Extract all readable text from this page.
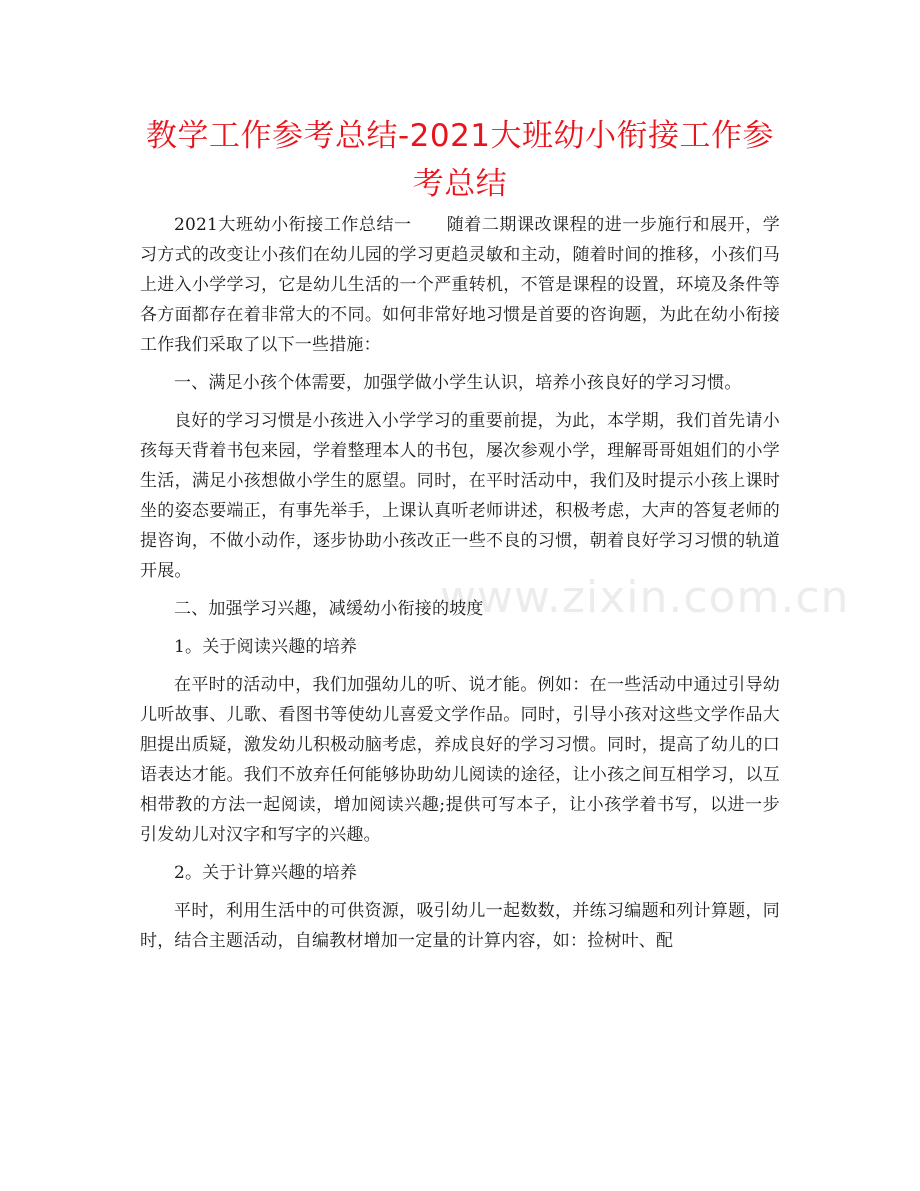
教学工作参考总结-2021大班幼小衔接工作参考总结
www.zixin.com.cn

2021大班幼小衔接工作总结一　　随着二期课改课程的进一步施行和展开，学习方式的改变让小孩们在幼儿园的学习更趋灵敏和主动，随着时间的推移，小孩们马上进入小学学习，它是幼儿生活的一个严重转机，不管是课程的设置，环境及条件等各方面都存在着非常大的不同。如何非常好地习惯是首要的咨询题，为此在幼小衔接工作我们采取了以下一些措施：

一、满足小孩个体需要，加强学做小学生认识，培养小孩良好的学习习惯。

良好的学习习惯是小孩进入小学学习的重要前提，为此，本学期，我们首先请小孩每天背着书包来园，学着整理本人的书包，屡次参观小学，理解哥哥姐姐们的小学生活，满足小孩想做小学生的愿望。同时，在平时活动中，我们及时提示小孩上课时坐的姿态要端正，有事先举手，上课认真听老师讲述，积极考虑，大声的答复老师的提咨询，不做小动作，逐步协助小孩改正一些不良的习惯，朝着良好学习习惯的轨道开展。

二、加强学习兴趣，减缓幼小衔接的坡度

1。关于阅读兴趣的培养

在平时的活动中，我们加强幼儿的听、说才能。例如：在一些活动中通过引导幼儿听故事、儿歌、看图书等使幼儿喜爱文学作品。同时，引导小孩对这些文学作品大胆提出质疑，激发幼儿积极动脑考虑，养成良好的学习习惯。同时，提高了幼儿的口语表达才能。我们不放弃任何能够协助幼儿阅读的途径，让小孩之间互相学习，以互相带教的方法一起阅读，增加阅读兴趣;提供可写本子，让小孩学着书写，以进一步引发幼儿对汉字和写字的兴趣。

2。关于计算兴趣的培养

平时，利用生活中的可供资源，吸引幼儿一起数数，并练习编题和列计算题，同时，结合主题活动，自编教材增加一定量的计算内容，如：捡树叶、配
